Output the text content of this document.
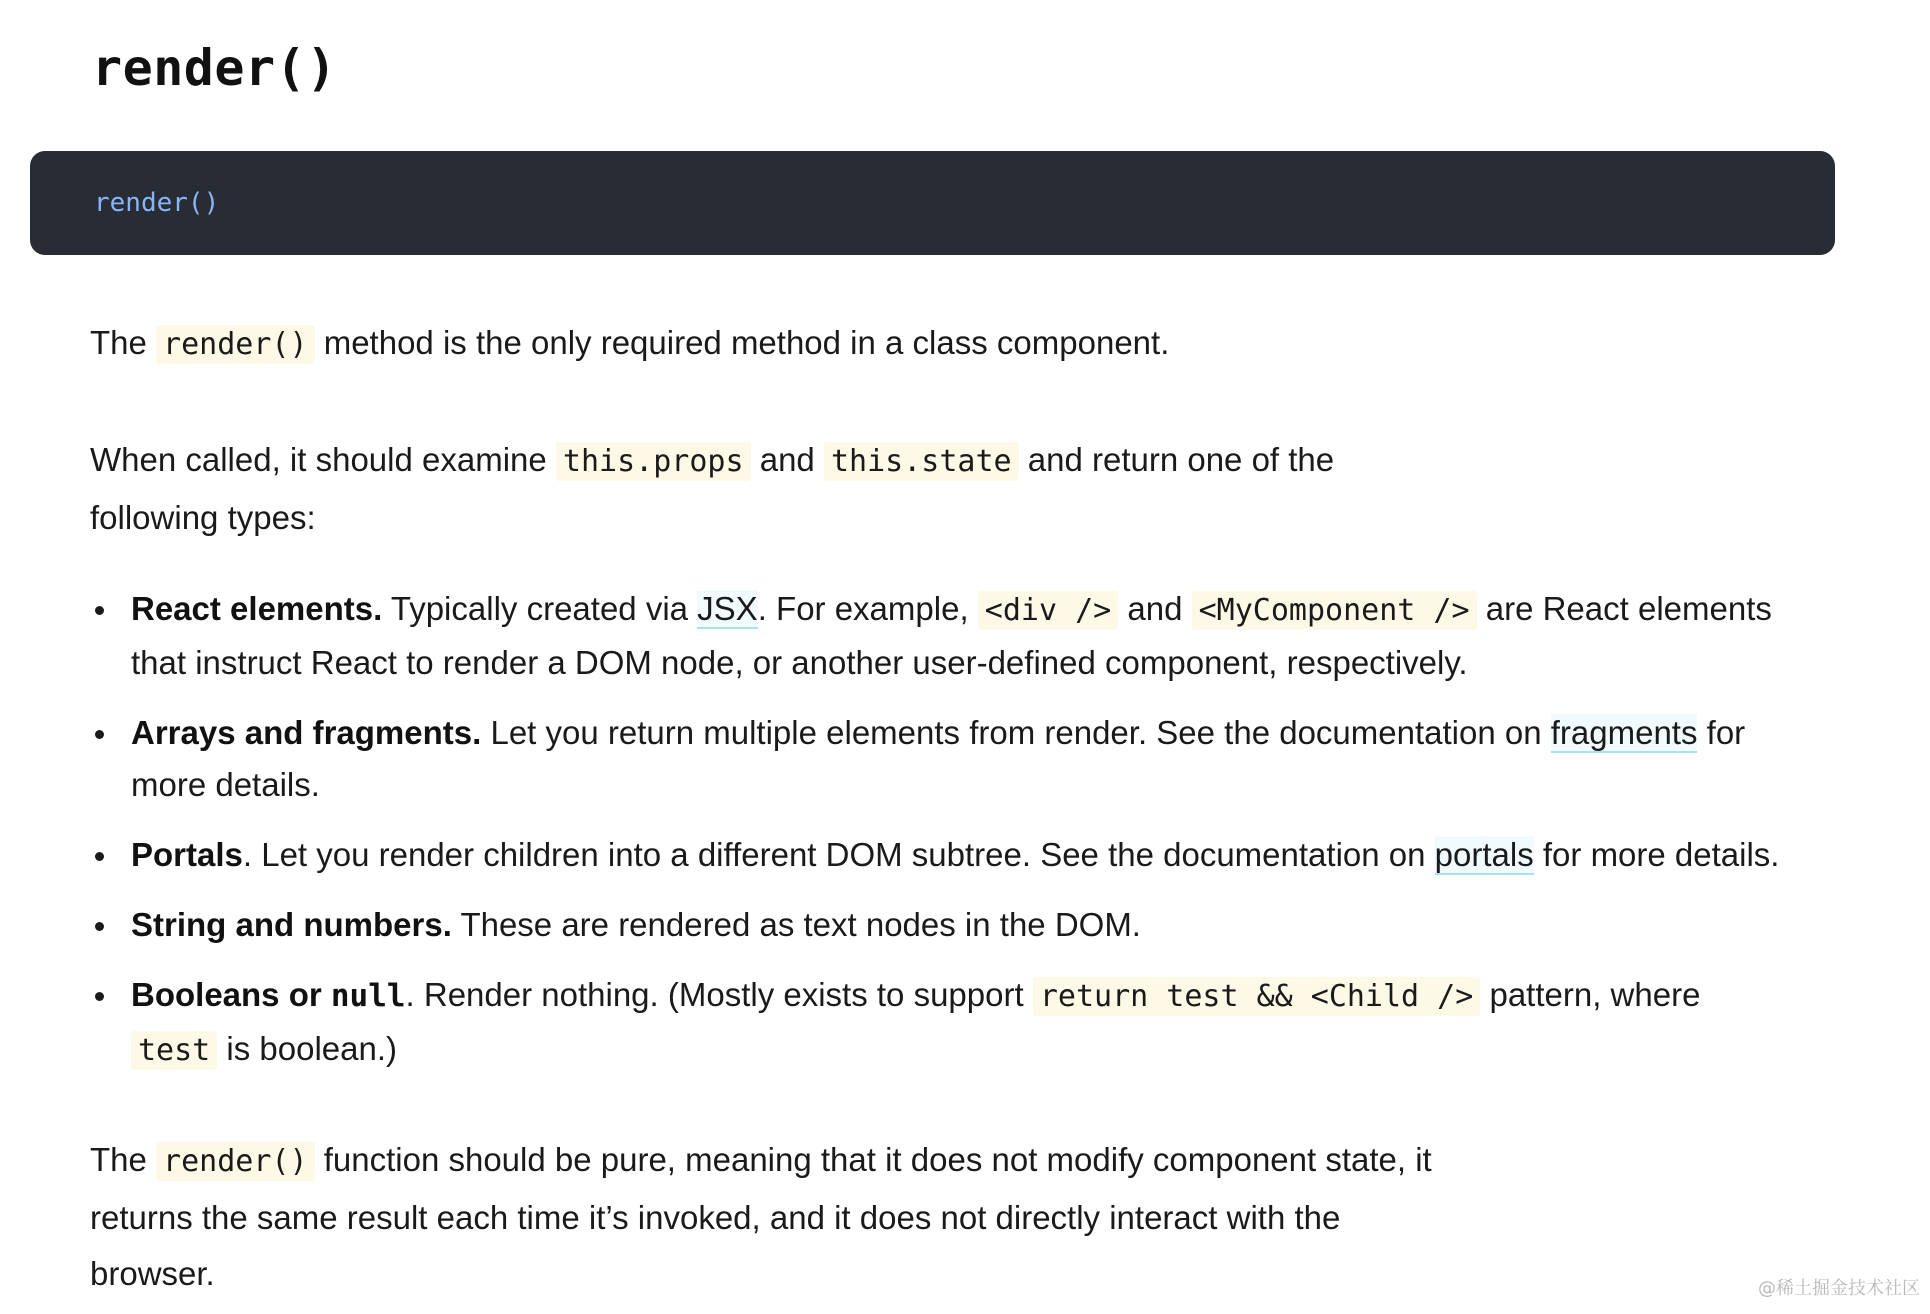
render()
render()

The render() method is the only required method in a class component.

When called, it should examine this.props and this.state and return one of the
following types:

React elements. Typically created via JSX. For example, <div /> and <MyComponent /> are React elements
that instruct React to render a DOM node, or another user-defined component, respectively.
Arrays and fragments. Let you return multiple elements from render. See the documentation on fragments for
more details.
Portals. Let you render children into a different DOM subtree. See the documentation on portals for more details.
String and numbers. These are rendered as text nodes in the DOM.
Booleans or null. Render nothing. (Mostly exists to support return test && <Child /> pattern, where
test is boolean.)

The render() function should be pure, meaning that it does not modify component state, it
returns the same result each time it’s invoked, and it does not directly interact with the
browser.	@稀土掘金技术社区
